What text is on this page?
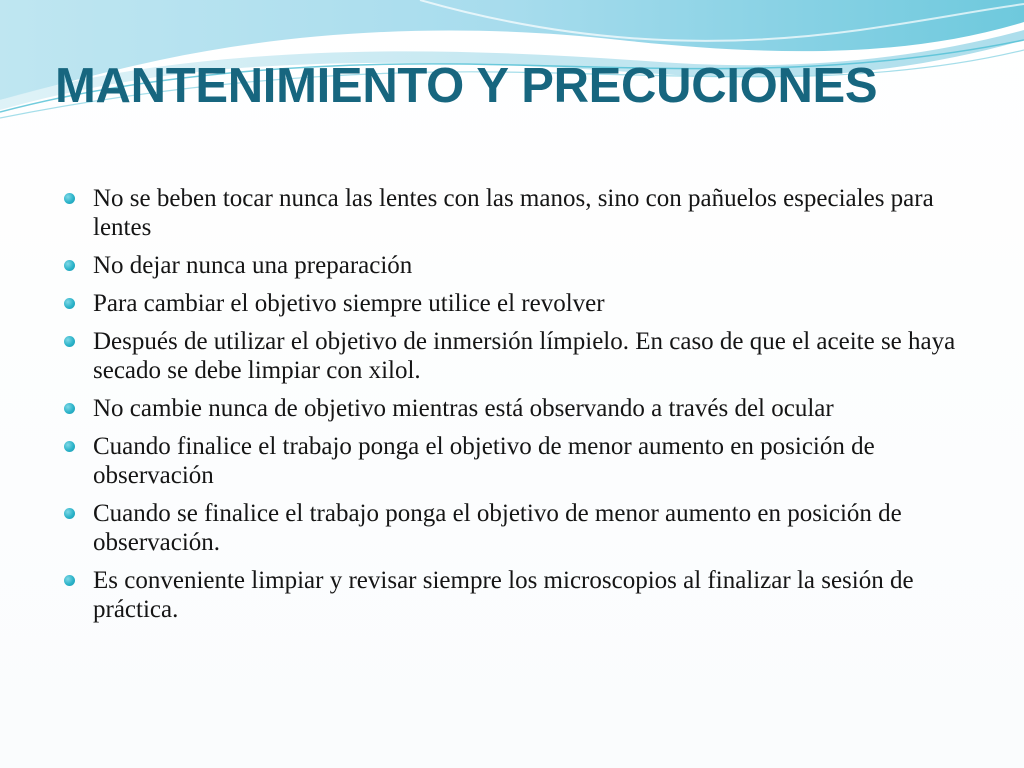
MANTENIMIENTO Y PRECUCIONES
No se beben tocar nunca las lentes con las manos, sino con pañuelos especiales para lentes
No dejar nunca una preparación
Para cambiar el objetivo siempre utilice el revolver
Después de utilizar el objetivo de inmersión límpielo. En caso de que el aceite se haya secado se debe limpiar con xilol.
No cambie nunca de objetivo mientras está observando a través del ocular
Cuando finalice el trabajo ponga el objetivo de menor aumento en posición de observación
Cuando se finalice el trabajo ponga el objetivo de menor aumento en posición de observación.
Es conveniente limpiar y revisar siempre los microscopios al finalizar la sesión de práctica.
